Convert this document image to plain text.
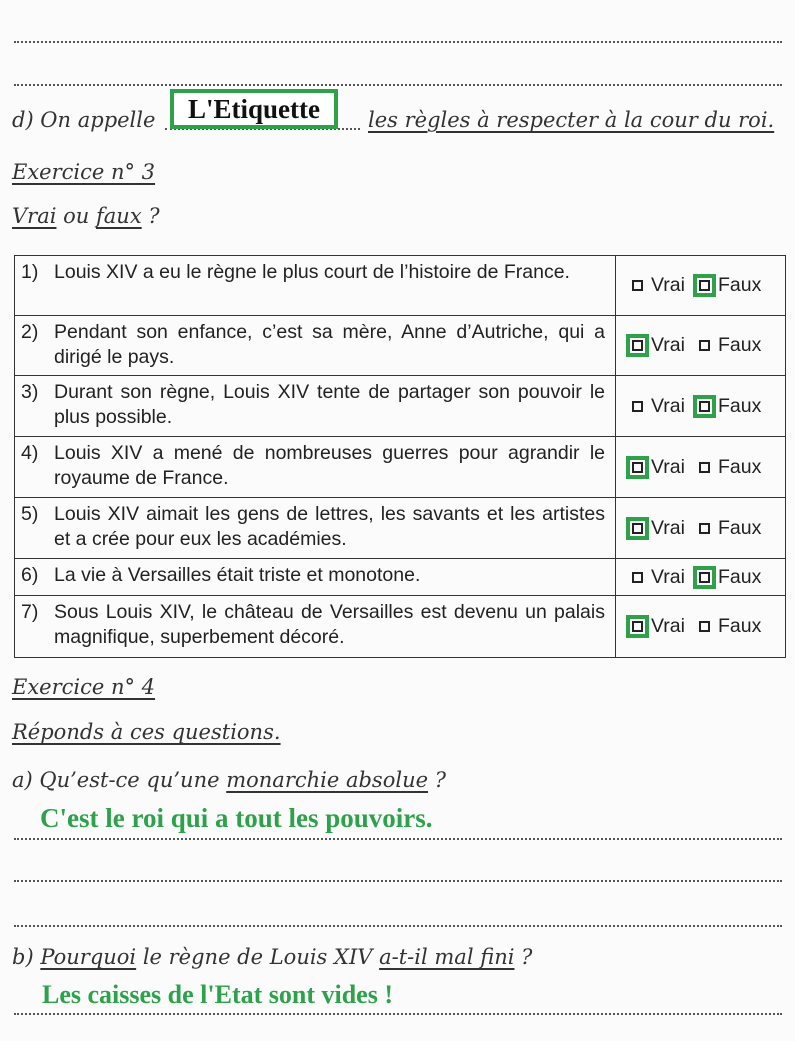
d) On appelle	L'Etiquette	les règles à respecter à la cour du roi.
Exercice n° 3
Vrai ou faux ?
1) Louis XIV a eu le règne le plus court de l’histoire de France.	Vrai Faux

2) Pendant son enfance, c’est sa mère, Anne d’Autriche, qui a dirigé le pays.	Vrai Faux

3) Durant son règne, Louis XIV tente de partager son pouvoir le plus possible.	Vrai Faux

4) Louis XIV a mené de nombreuses guerres pour agrandir le royaume de France.	Vrai Faux

5) Louis XIV aimait les gens de lettres, les savants et les artistes et a crée pour eux les académies.	Vrai Faux

6) La vie à Versailles était triste et monotone.	Vrai Faux

7) Sous Louis XIV, le château de Versailles est devenu un palais magnifique, superbement décoré.	Vrai Faux
Exercice n° 4
Réponds à ces questions.
a) Qu’est-ce qu’une monarchie absolue ?
C'est le roi qui a tout les pouvoirs.
b) Pourquoi le règne de Louis XIV a-t-il mal fini ?
Les caisses de l'Etat sont vides !
